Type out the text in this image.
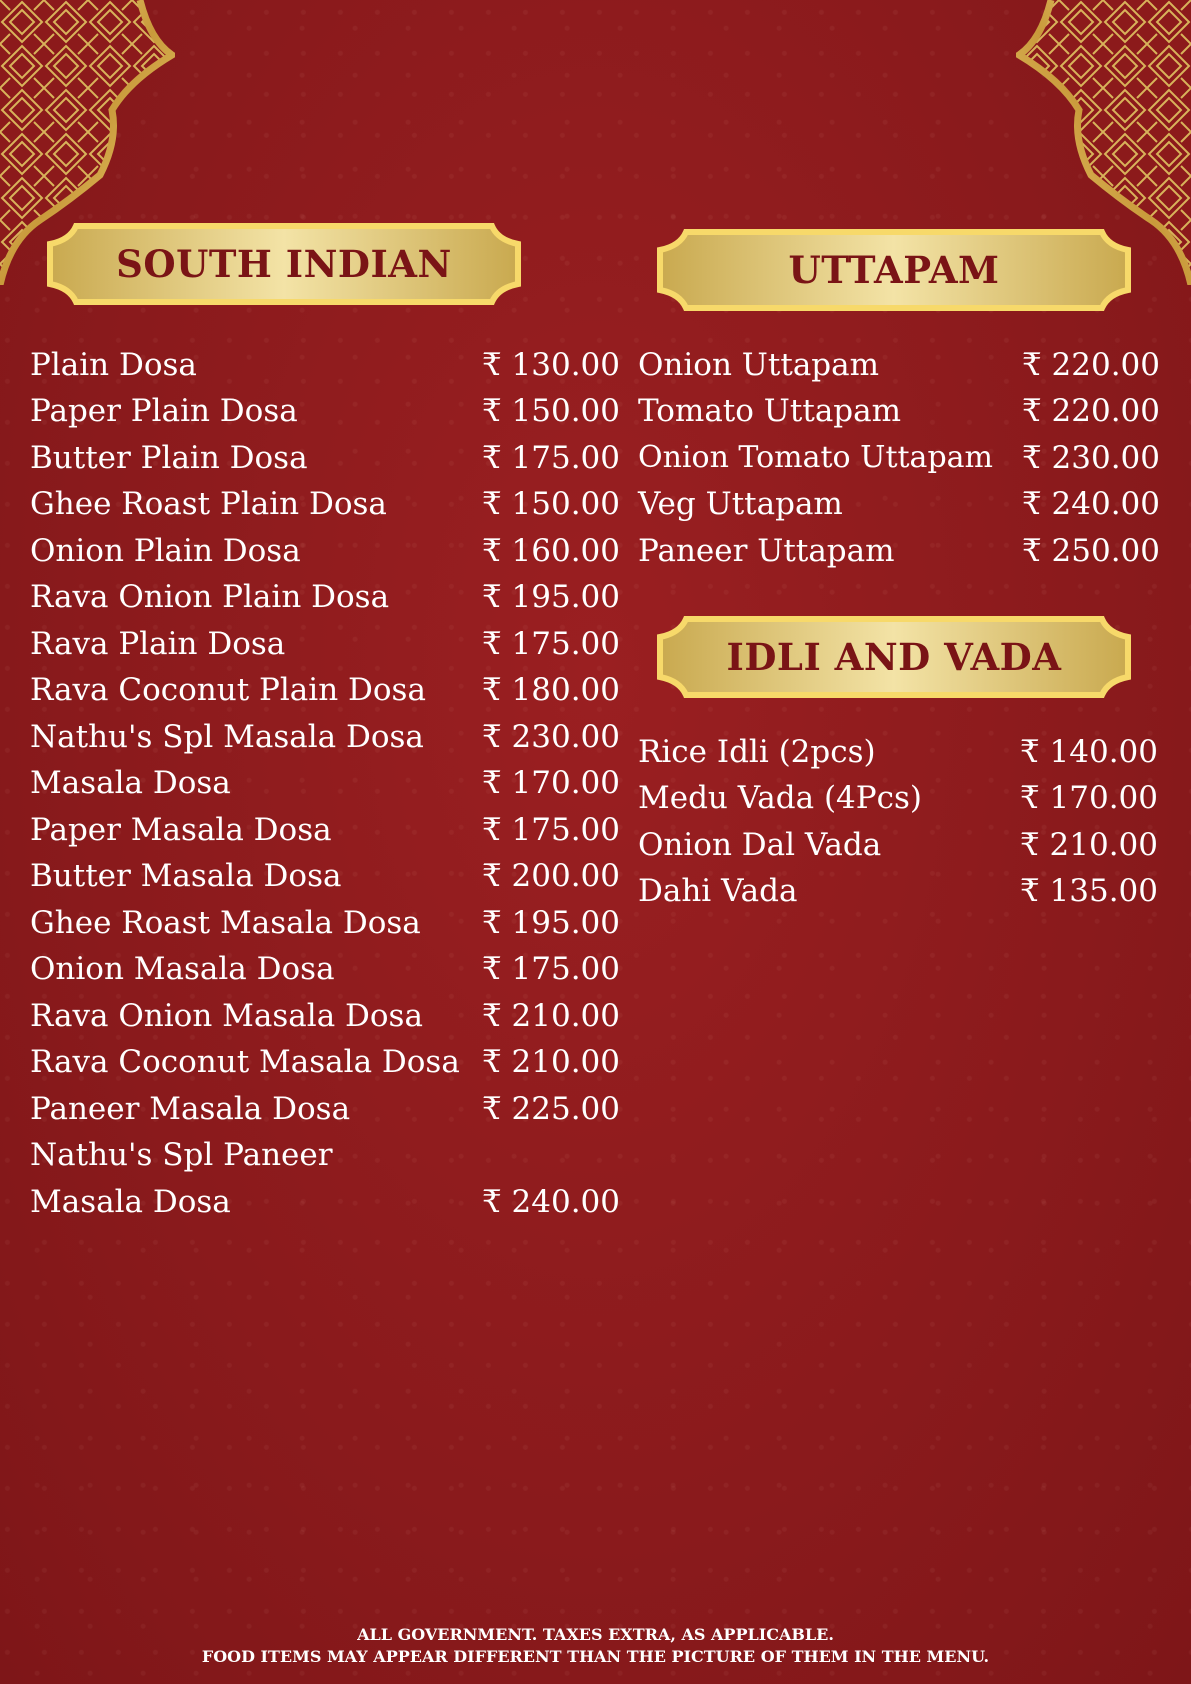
SOUTH INDIAN	UTTAPAM
IDLI AND VADA
Plain Dosa	₹ 130.00
Paper Plain Dosa	₹ 150.00
Butter Plain Dosa	₹ 175.00
Ghee Roast Plain Dosa	₹ 150.00
Onion Plain Dosa	₹ 160.00
Rava Onion Plain Dosa	₹ 195.00
Rava Plain Dosa	₹ 175.00
Rava Coconut Plain Dosa ₹ 180.00
Nathu's Spl Masala Dosa ₹ 230.00
Masala Dosa	₹ 170.00
Paper Masala Dosa	₹ 175.00
Butter Masala Dosa	₹ 200.00
Ghee Roast Masala Dosa ₹ 195.00
Onion Masala Dosa	₹ 175.00
Rava Onion Masala Dosa ₹ 210.00
Rava Coconut Masala Dosa ₹ 210.00
Paneer Masala Dosa	₹ 225.00
Nathu's Spl Paneer
Masala Dosa	₹ 240.00
Onion Uttapam	₹ 220.00
Tomato Uttapam	₹ 220.00
Onion Tomato Uttapam ₹ 230.00
Veg Uttapam	₹ 240.00
Paneer Uttapam	₹ 250.00
Rice Idli (2pcs)	₹ 140.00
Medu Vada (4Pcs)	₹ 170.00
Onion Dal Vada	₹ 210.00
Dahi Vada	₹ 135.00
ALL GOVERNMENT. TAXES EXTRA, AS APPLICABLE.
FOOD ITEMS MAY APPEAR DIFFERENT THAN THE PICTURE OF THEM IN THE MENU.
